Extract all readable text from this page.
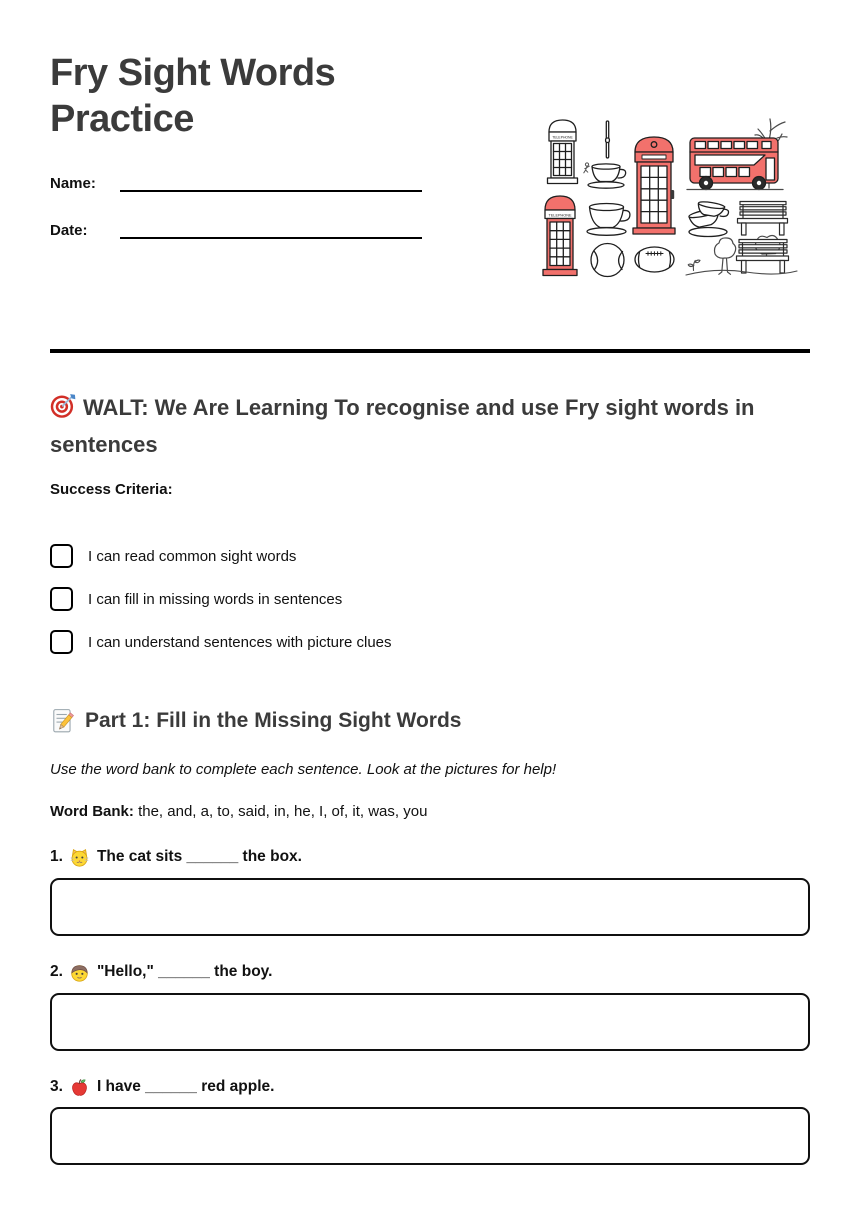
Fry Sight Words Practice
Name:
Date:
TELEPHONE
TELEPHONE
WALT: We Are Learning To recognise and use Fry sight words in sentences
Success Criteria:
I can read common sight words
I can fill in missing words in sentences
I can understand sentences with picture clues
Part 1: Fill in the Missing Sight Words

Use the word bank to complete each sentence. Look at the pictures for help!

Word Bank: the, and, a, to, said, in, he, I, of, it, was, you

1. The cat sits ______ the box.

2. "Hello," ______ the boy.

3. I have ______ red apple.
